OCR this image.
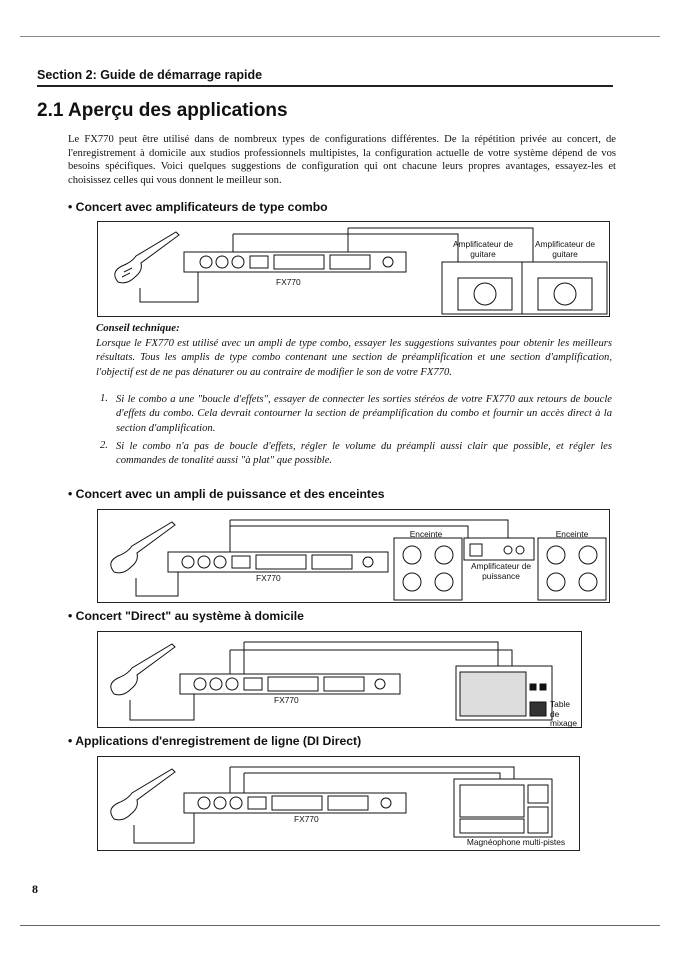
Section 2: Guide de démarrage rapide
2.1 Aperçu des applications
Le FX770 peut être utilisé dans de nombreux types de configurations différentes. De la répétition privée au concert, de l'enregistrement à domicile aux studios professionnels multipistes, la configuration actuelle de votre système dépend de vos besoins spécifiques. Voici quelques suggestions de configuration qui ont chacune leurs propres avantages, essayez-les et choisissez celles qui vous donnent le meilleur son.
• Concert avec amplificateurs de type combo
FX770
Amplificateur de guitare
Amplificateur de guitare
Conseil technique:
Lorsque le FX770 est utilisé avec un ampli de type combo, essayer les suggestions suivantes pour obtenir les meilleurs résultats. Tous les amplis de type combo contenant une section de préamplification et une section d'amplification, l'objectif est de ne pas dénaturer ou au contraire de modifier le son de votre FX770.
1. Si le combo a une "boucle d'effets", essayer de connecter les sorties stéréos de votre FX770 aux retours de boucle d'effets du combo. Cela devrait contourner la section de préamplification du combo et fournir un accès direct à la section d'amplification.
2. Si le combo n'a pas de boucle d'effets, régler le volume du préampli aussi clair que possible, et régler les commandes de tonalité aussi "à plat" que possible.
• Concert avec un ampli de puissance et des enceintes
FX770
Enceinte	Enceinte
Amplificateur de puissance
• Concert "Direct" au système à domicile
FX770	Table de mixage
• Applications d'enregistrement de ligne (DI Direct)
FX770
Magnéophone multi-pistes
8
